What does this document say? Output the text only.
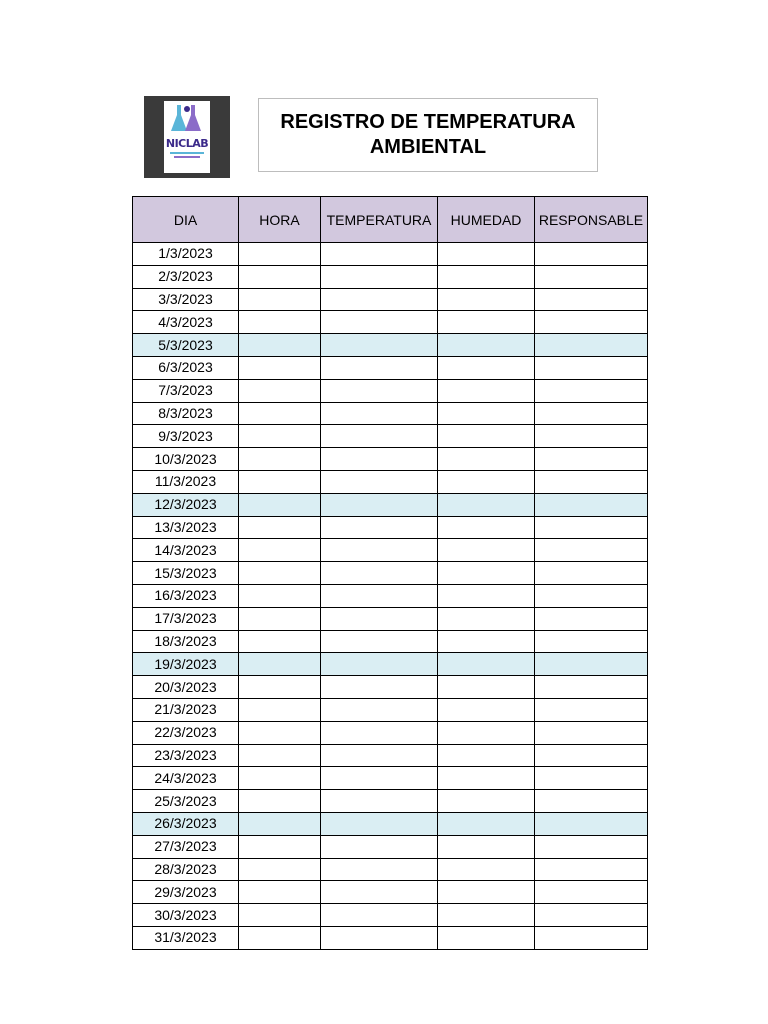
NICLAB
REGISTRO DE TEMPERATURA
AMBIENTAL
DIA	HORA	TEMPERATURA	HUMEDAD	RESPONSABLE
1/3/2023				
2/3/2023				
3/3/2023				
4/3/2023				
5/3/2023				
6/3/2023				
7/3/2023				
8/3/2023				
9/3/2023				
10/3/2023				
11/3/2023				
12/3/2023				
13/3/2023				
14/3/2023				
15/3/2023				
16/3/2023				
17/3/2023				
18/3/2023				
19/3/2023				
20/3/2023				
21/3/2023				
22/3/2023				
23/3/2023				
24/3/2023				
25/3/2023				
26/3/2023				
27/3/2023				
28/3/2023				
29/3/2023				
30/3/2023				
31/3/2023				
